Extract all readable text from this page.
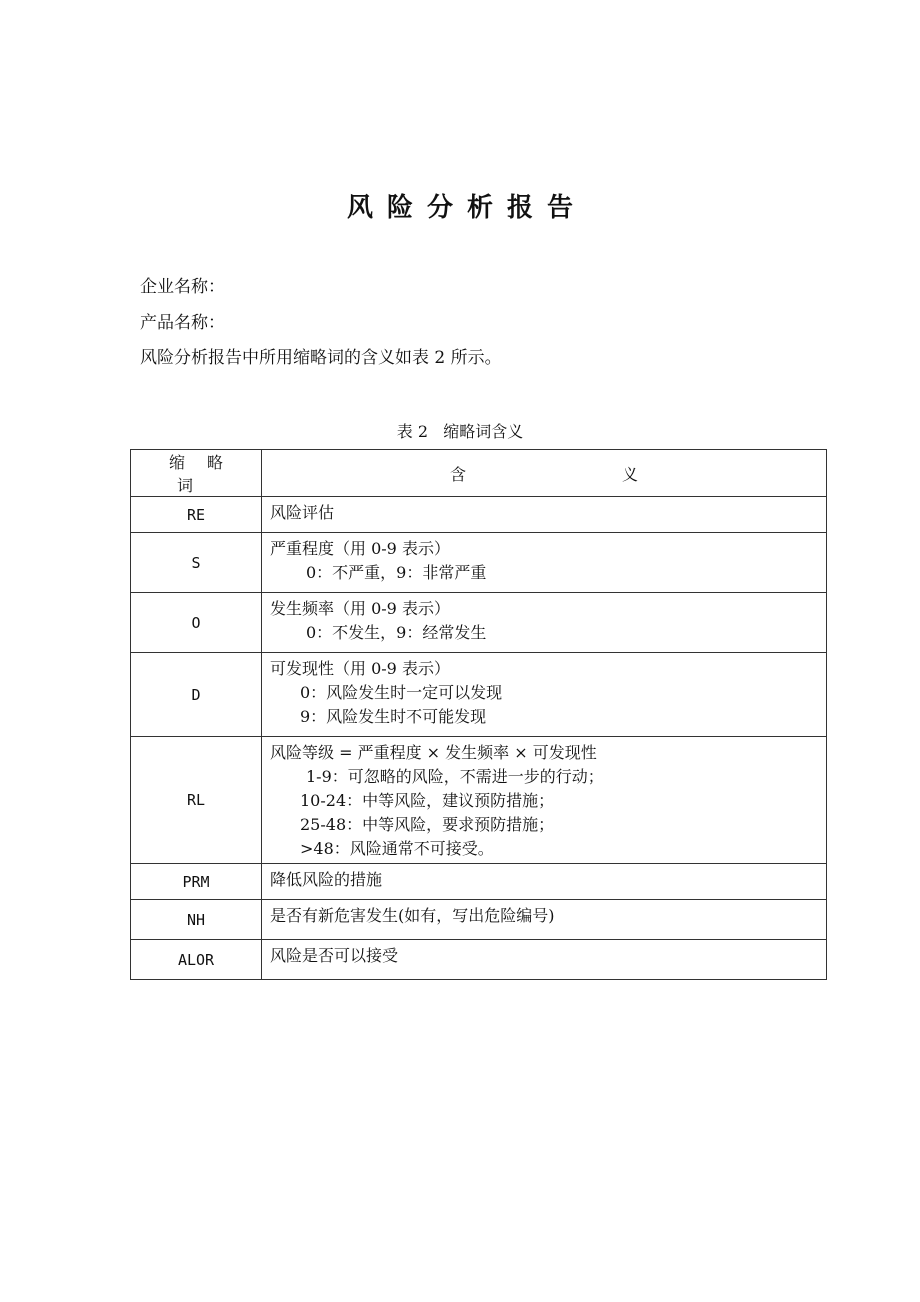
风险分析报告
企业名称：
产品名称：
风险分析报告中所用缩略词的含义如表 2 所示。
表 2   缩略词含义
缩略词	含义
RE	风险评估

S	严重程度（用 0-9 表示）
0：不严重，9：非常严重

O	发生频率（用 0-9 表示）
0：不发生，9：经常发生

D	可发现性（用 0-9 表示）
0：风险发生时一定可以发现
9：风险发生时不可能发现

RL	风险等级 = 严重程度 × 发生频率 × 可发现性
1-9：可忽略的风险，不需进一步的行动；
10-24：中等风险，建议预防措施；
25-48：中等风险，要求预防措施；
>48：风险通常不可接受。

PRM	降低风险的措施

NH	是否有新危害发生(如有，写出危险编号)

ALOR	风险是否可以接受
